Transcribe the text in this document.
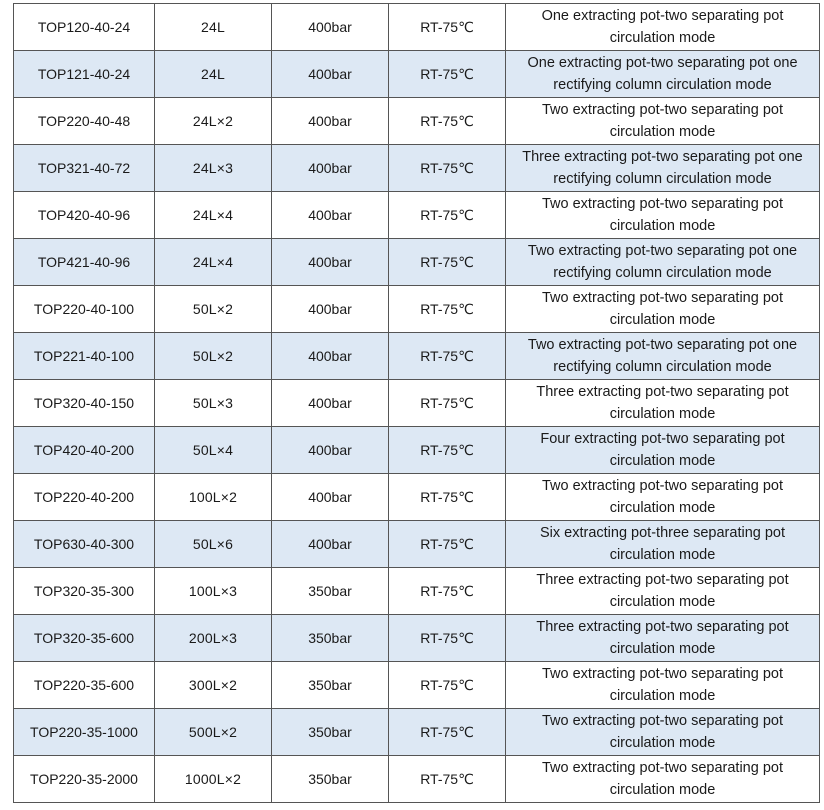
TOP120-40-24	24L	400bar	RT-75℃	One extracting pot-two separating pot circulation mode
TOP121-40-24	24L	400bar	RT-75℃	One extracting pot-two separating pot one rectifying column circulation mode
TOP220-40-48	24L×2	400bar	RT-75℃	Two extracting pot-two separating pot circulation mode
TOP321-40-72	24L×3	400bar	RT-75℃	Three extracting pot-two separating pot one rectifying column circulation mode
TOP420-40-96	24L×4	400bar	RT-75℃	Two extracting pot-two separating pot circulation mode
TOP421-40-96	24L×4	400bar	RT-75℃	Two extracting pot-two separating pot one rectifying column circulation mode
TOP220-40-100	50L×2	400bar	RT-75℃	Two extracting pot-two separating pot circulation mode
TOP221-40-100	50L×2	400bar	RT-75℃	Two extracting pot-two separating pot one rectifying column circulation mode
TOP320-40-150	50L×3	400bar	RT-75℃	Three extracting pot-two separating pot circulation mode
TOP420-40-200	50L×4	400bar	RT-75℃	Four extracting pot-two separating pot circulation mode
TOP220-40-200	100L×2	400bar	RT-75℃	Two extracting pot-two separating pot circulation mode
TOP630-40-300	50L×6	400bar	RT-75℃	Six extracting pot-three separating pot circulation mode
TOP320-35-300	100L×3	350bar	RT-75℃	Three extracting pot-two separating pot circulation mode
TOP320-35-600	200L×3	350bar	RT-75℃	Three extracting pot-two separating pot circulation mode
TOP220-35-600	300L×2	350bar	RT-75℃	Two extracting pot-two separating pot circulation mode
TOP220-35-1000	500L×2	350bar	RT-75℃	Two extracting pot-two separating pot circulation mode
TOP220-35-2000	1000L×2	350bar	RT-75℃	Two extracting pot-two separating pot circulation mode
